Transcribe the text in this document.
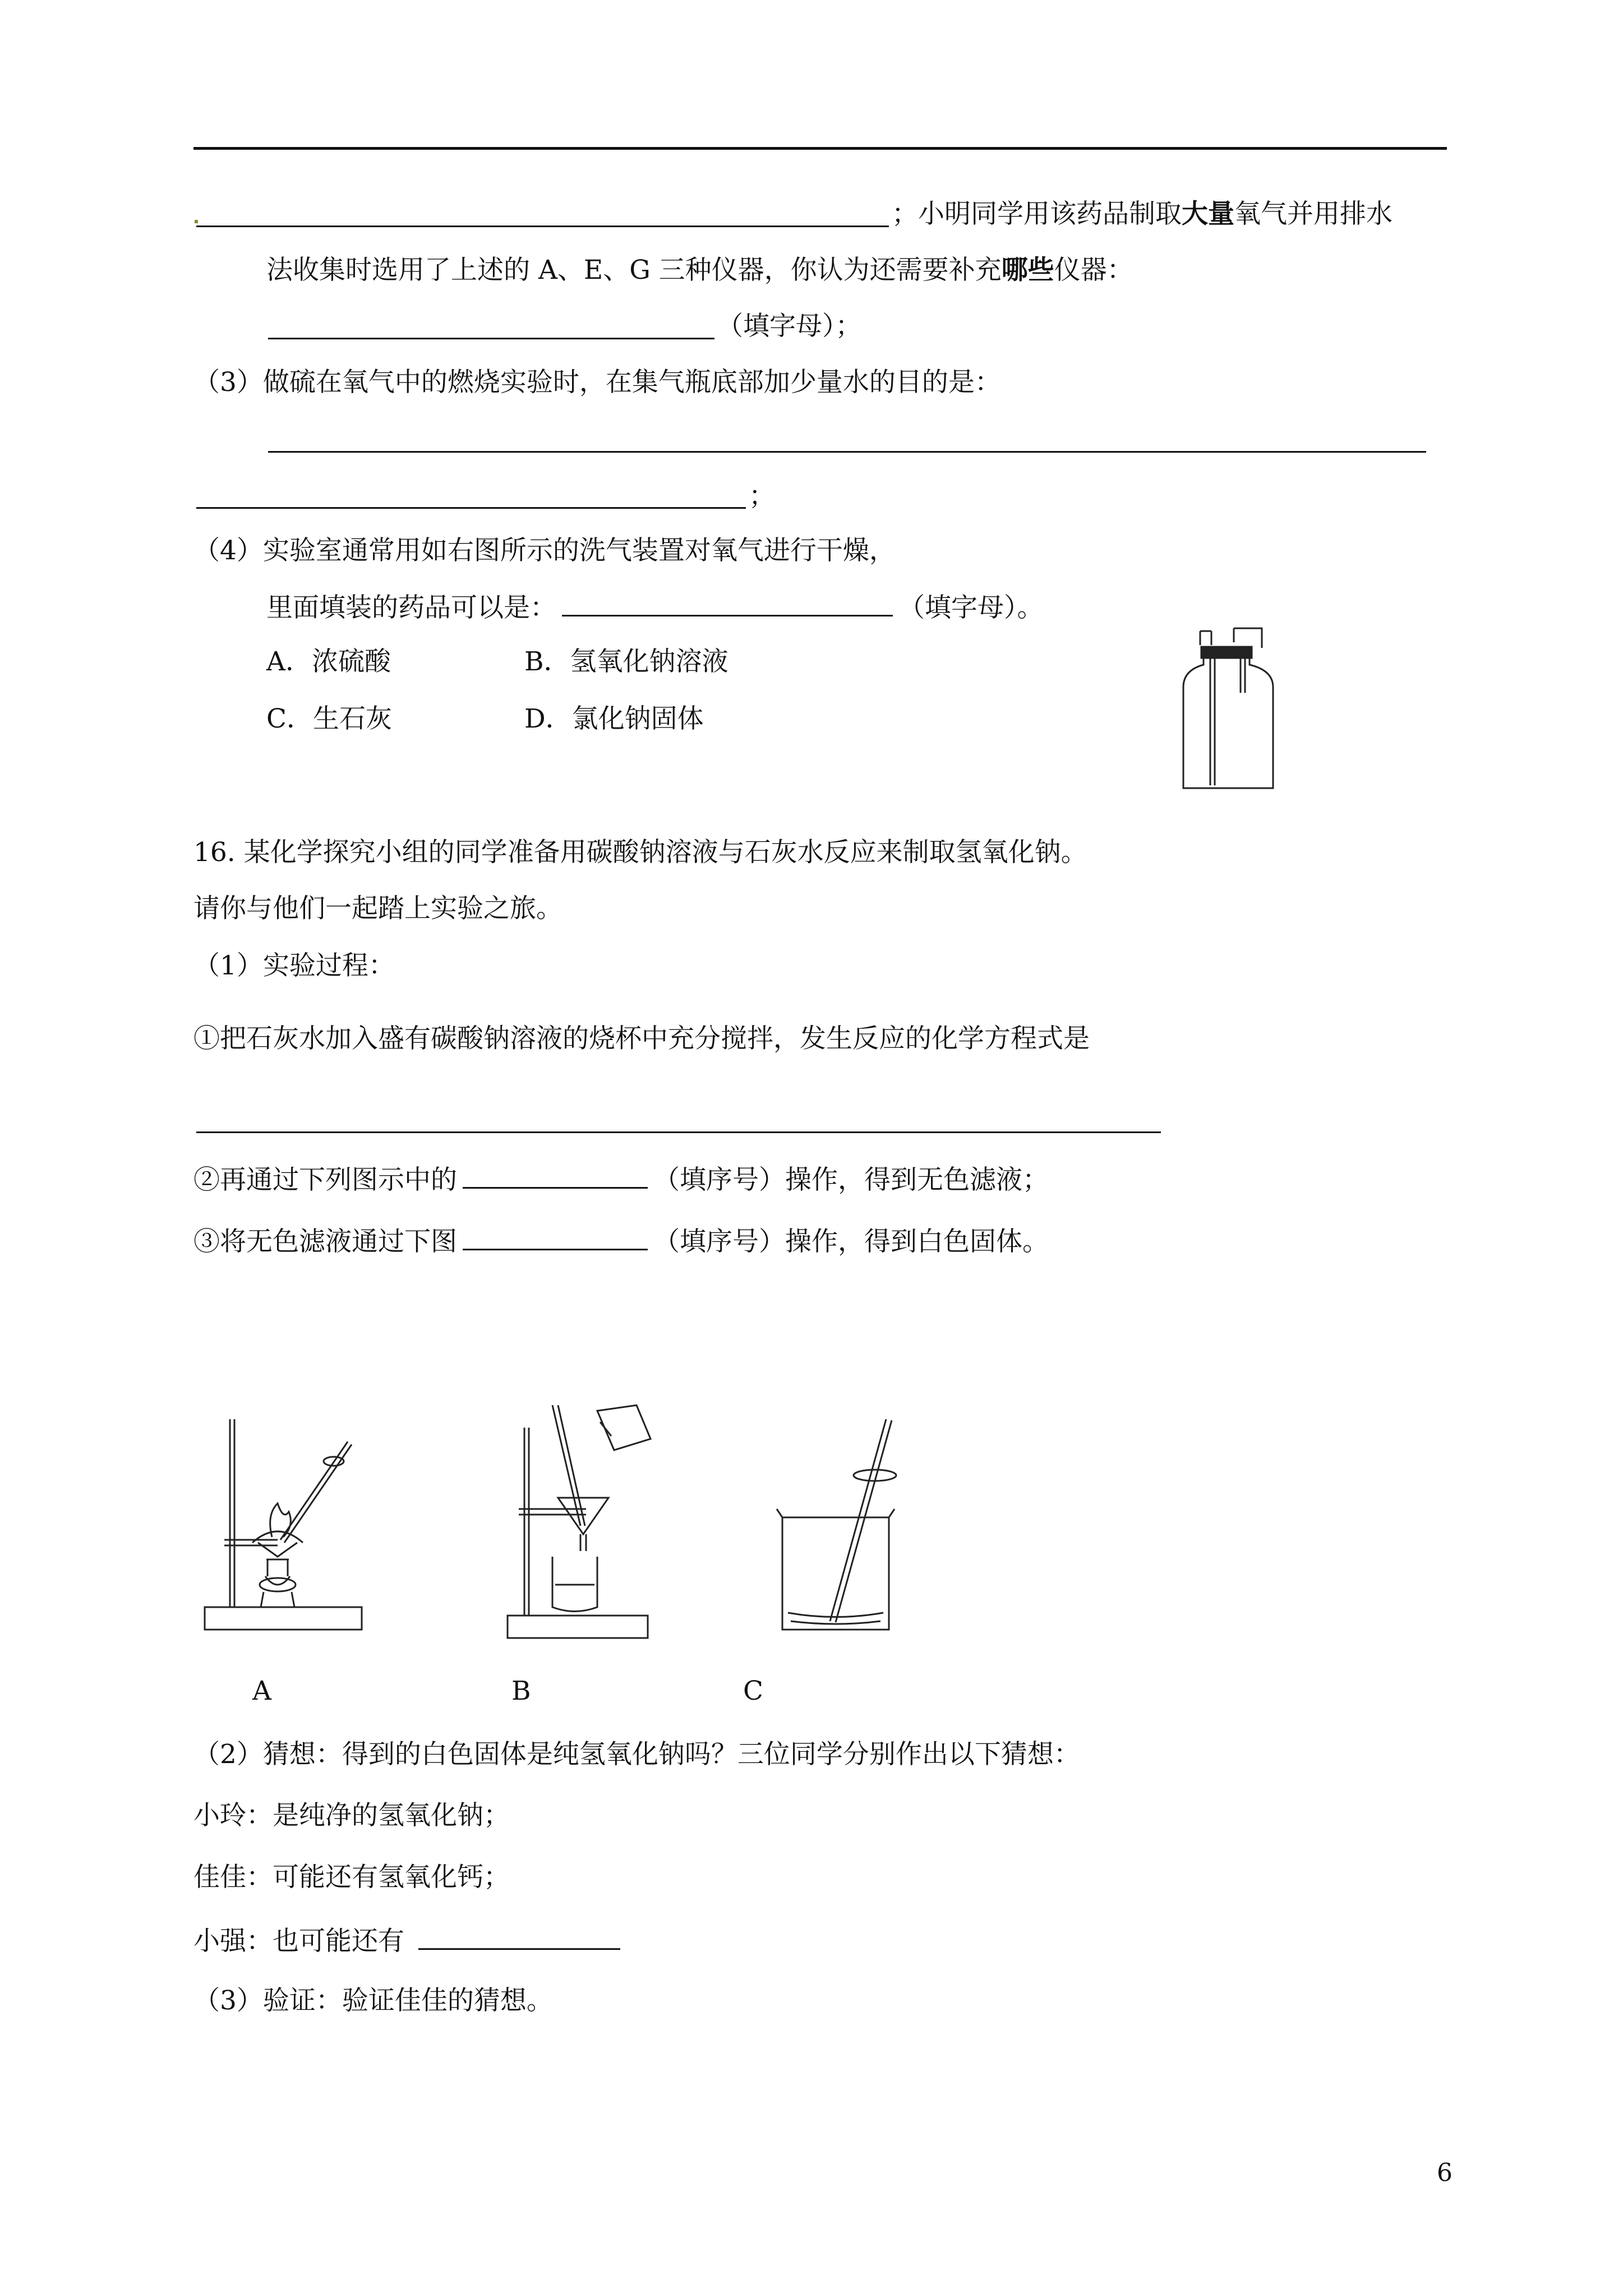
；小明同学用该药品制取大量氧气并用排水
法收集时选用了上述的 A、E、G 三种仪器，你认为还需要补充哪些仪器：
（填字母）；
（3）做硫在氧气中的燃烧实验时，在集气瓶底部加少量水的目的是：
；
（4）实验室通常用如右图所示的洗气装置对氧气进行干燥，
里面填装的药品可以是：	（填字母）。
A．浓硫酸	B．氢氧化钠溶液
C．生石灰	D．氯化钠固体
16. 某化学探究小组的同学准备用碳酸钠溶液与石灰水反应来制取氢氧化钠。
请你与他们一起踏上实验之旅。
（1）实验过程：
①把石灰水加入盛有碳酸钠溶液的烧杯中充分搅拌，发生反应的化学方程式是
②再通过下列图示中的	（填序号）操作，得到无色滤液；
③将无色滤液通过下图	（填序号）操作，得到白色固体。
A	B	C
（2）猜想：得到的白色固体是纯氢氧化钠吗？三位同学分别作出以下猜想：
小玲：是纯净的氢氧化钠；
佳佳：可能还有氢氧化钙；
小强：也可能还有
（3）验证：验证佳佳的猜想。
6
